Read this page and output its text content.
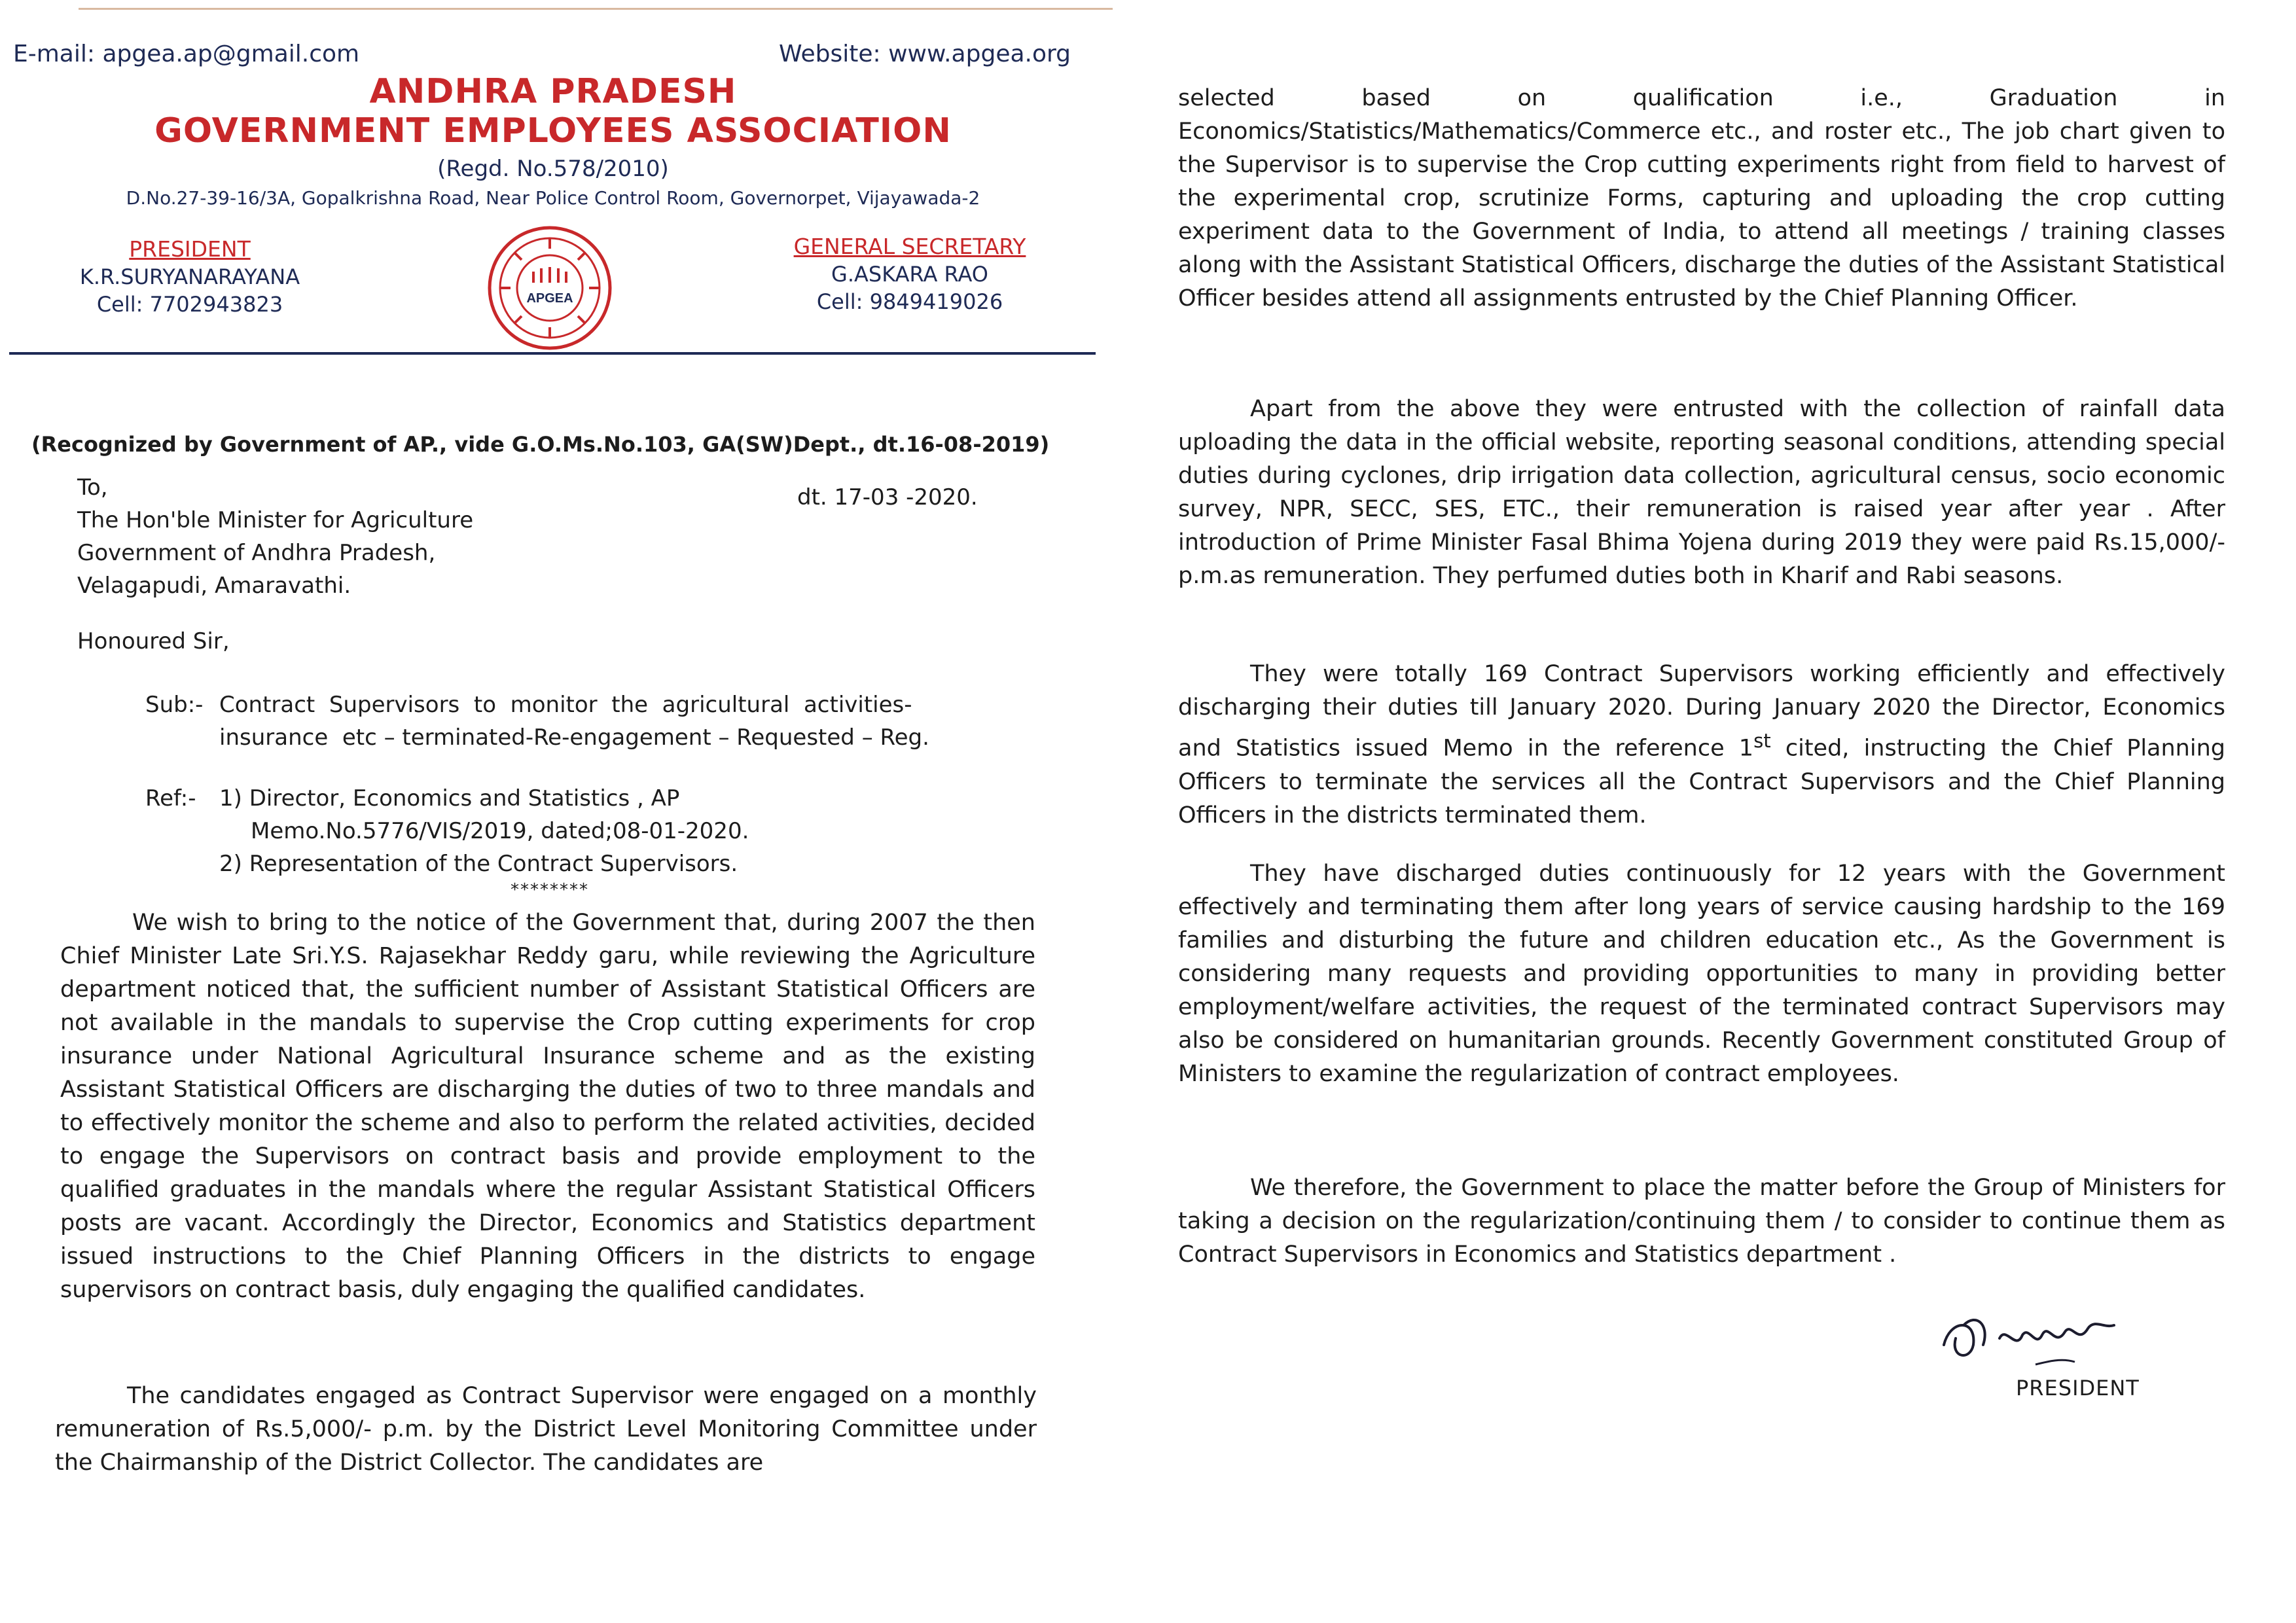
E-mail: apgea.ap@gmail.com	Website: www.apgea.org
ANDHRA PRADESH
GOVERNMENT EMPLOYEES ASSOCIATION
(Regd. No.578/2010)
D.No.27-39-16/3A, Gopalkrishna Road, Near Police Control Room, Governorpet, Vijayawada-2
PRESIDENT
K.R.SURYANARAYANA
Cell: 7702943823	APGEA
GENERAL SECRETARY
G.ASKARA RAO
Cell: 9849419026
(Recognized by Government of AP., vide G.O.Ms.No.103, GA(SW)Dept., dt.16-08-2019)
To,
The Hon'ble Minister for Agriculture
Government of Andhra Pradesh,
Velagapudi, Amaravathi.
dt. 17-03 -2020.
Honoured Sir,
Sub:- Contract  Supervisors  to  monitor  the  agricultural  activities-
insurance  etc – terminated-Re-engagement – Requested – Reg.
Ref:- 1) Director, Economics and Statistics , AP
Memo.No.5776/VIS/2019, dated;08-01-2020.
2) Representation of the Contract Supervisors.
********
We wish to bring to the notice of the Government that, during 2007 the then Chief Minister Late Sri.Y.S. Rajasekhar Reddy garu, while reviewing the Agriculture department noticed that, the sufficient number of Assistant Statistical Officers are not available in the mandals to supervise the Crop cutting experiments for crop insurance under National Agricultural Insurance scheme and as the existing Assistant Statistical Officers are discharging the duties of two to three mandals and to effectively monitor the scheme and also to perform the related activities, decided to engage the Supervisors on contract basis and provide employment to the qualified graduates in the mandals where the regular Assistant Statistical Officers posts are vacant. Accordingly the Director, Economics and Statistics department issued instructions to the Chief Planning Officers in the districts to engage supervisors on contract basis, duly engaging the qualified candidates.
The candidates engaged as Contract Supervisor were engaged on a monthly remuneration of Rs.5,000/- p.m. by the District Level Monitoring Committee under the Chairmanship of the District Collector. The candidates are
selected based on qualification i.e., Graduation in Economics/Statistics/Mathematics/Commerce etc., and roster etc., The job chart given to the Supervisor is to supervise the Crop cutting experiments right from field to harvest of the experimental crop, scrutinize Forms, capturing and uploading the crop cutting experiment data to the Government of India, to attend all meetings / training classes along with the Assistant Statistical Officers, discharge the duties of the Assistant Statistical Officer besides attend all assignments entrusted by the Chief Planning Officer.
Apart from the above they were entrusted with the collection of rainfall data uploading the data in the official website, reporting seasonal conditions, attending special duties during cyclones, drip irrigation data collection, agricultural census, socio economic survey, NPR, SECC, SES, ETC., their remuneration is raised year after year . After introduction of Prime Minister Fasal Bhima Yojena during 2019 they were paid Rs.15,000/- p.m.as remuneration. They perfumed duties both in Kharif and Rabi seasons.
They were totally 169 Contract Supervisors working efficiently and effectively discharging their duties till January 2020. During January 2020 the Director, Economics and Statistics issued Memo in the reference 1st cited, instructing the Chief Planning Officers to terminate the services all the Contract Supervisors and the Chief Planning Officers in the districts terminated them.
They have discharged duties continuously for 12 years with the Government effectively and terminating them after long years of service causing hardship to the 169 families and disturbing the future and children education etc., As the Government is considering many requests and providing opportunities to many in providing better employment/welfare activities, the request of the terminated contract Supervisors may also be considered on humanitarian grounds. Recently Government constituted Group of Ministers to examine the regularization of contract employees.
We therefore, the Government to place the matter before the Group of Ministers for taking a decision on the regularization/continuing them / to consider to continue them as Contract Supervisors in Economics and Statistics department .
PRESIDENT
